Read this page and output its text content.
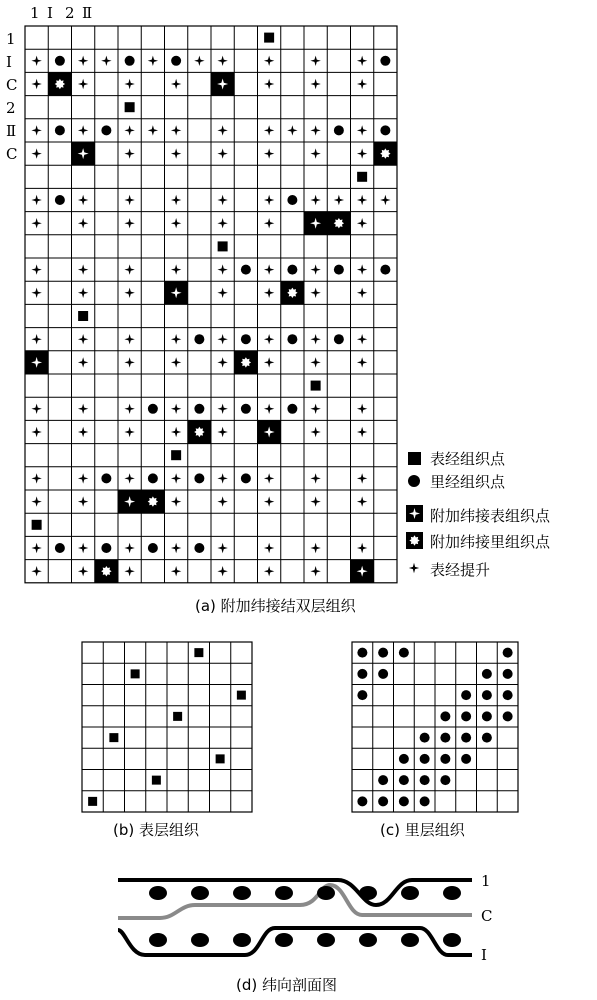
1 Ⅰ 2 Ⅱ
1
Ⅰ
C
2
Ⅱ
C
表经组织点
里经组织点
附加纬接表组织点
附加纬接里组织点
表经提升
(a) 附加纬接结双层组织
(b) 表层组织	(c) 里层组织
1
C
Ⅰ
(d) 纬向剖面图
